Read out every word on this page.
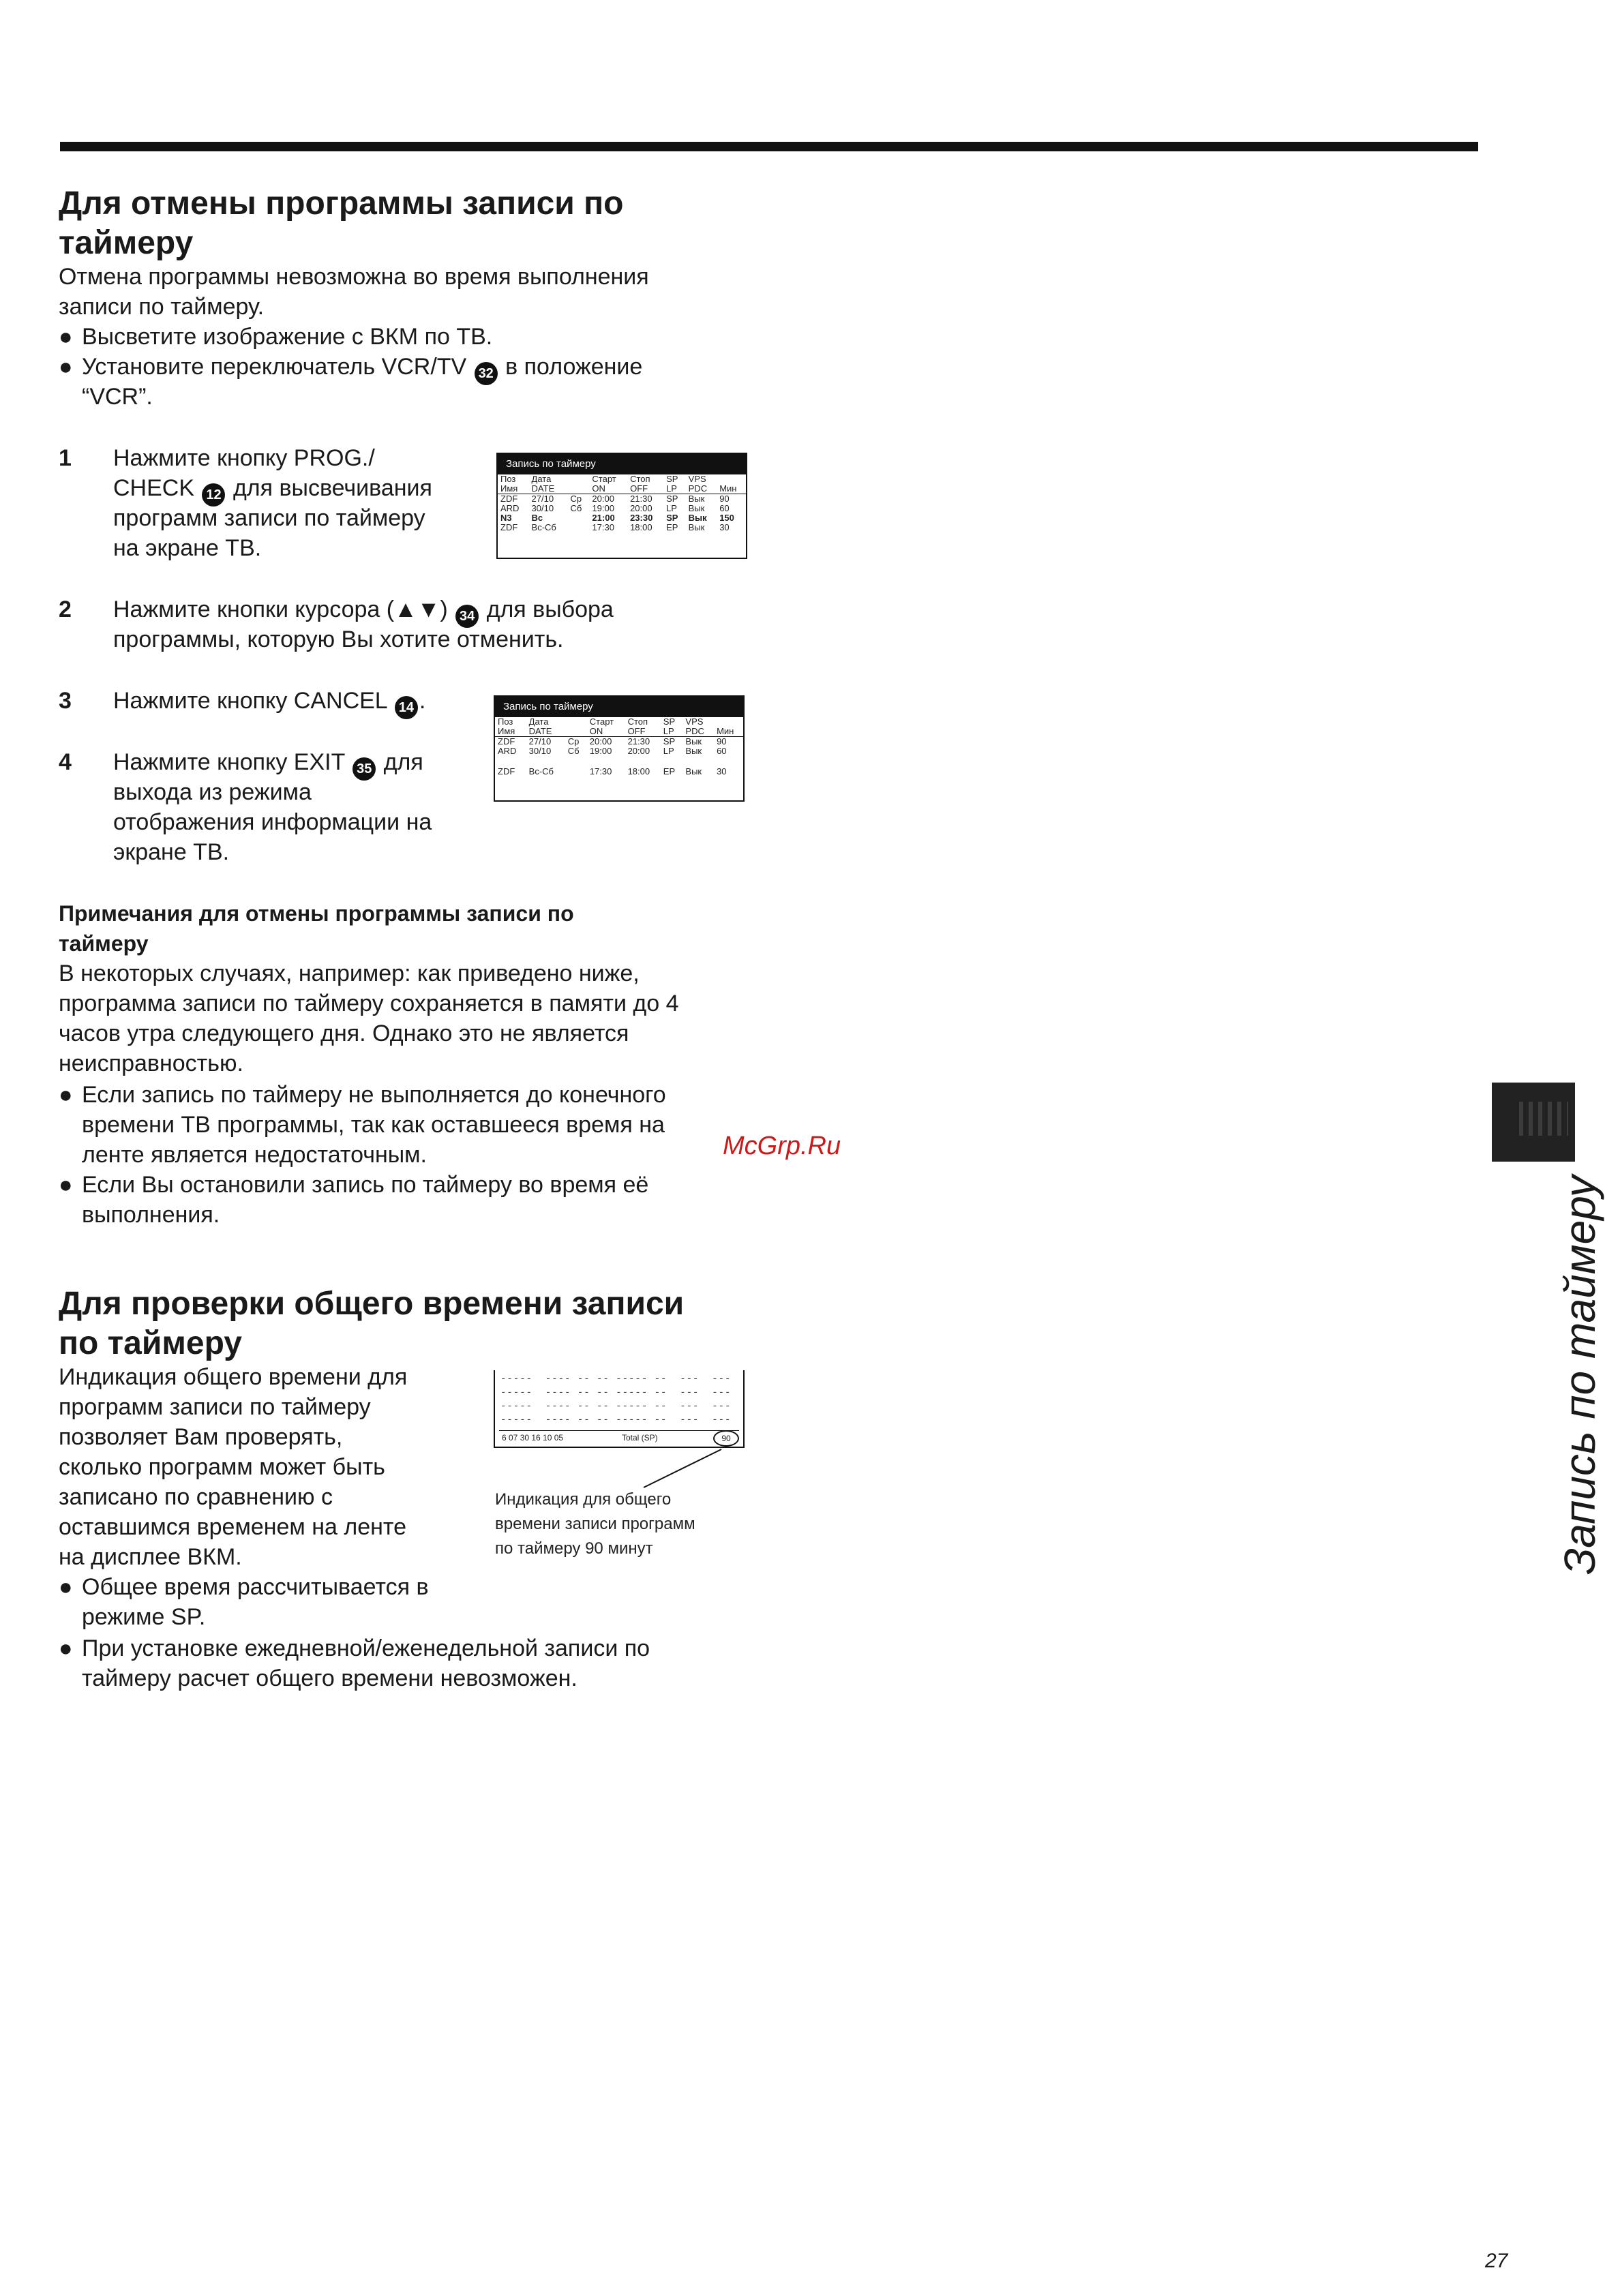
Для отмены программы записи по
таймеру

Отмена программы невозможна во время выполнения

записи по таймеру.

● Высветите изображение с ВКМ по ТВ.
● Установите переключатель VCR/TV 32 в положение
“VCR”.
1 Нажмите кнопку PROG./
CHECK 12 для высвечивания
программ записи по таймеру
на экране ТВ.
Запись по таймеру
Поз	Дата		Старт	Стоп	SP	VPS	
Имя	DATE		ON	OFF	LP	PDC	Мин
ZDF	27/10	Ср	20:00	21:30	SP	Вык	90
ARD	30/10	Сб	19:00	20:00	LP	Вык	60
N3	Вс		21:00	23:30	SP	Вык	150
ZDF	Вс-Сб		17:30	18:00	EP	Вык	30
2 Нажмите кнопки курсора (▲▼) 34 для выбора
программы, которую Вы хотите отменить.
3 Нажмите кнопку CANCEL 14 .	Запись по таймеру
Поз	Дата		Старт	Стоп	SP	VPS	
Имя	DATE		ON	OFF	LP	PDC	Мин
ZDF	27/10	Ср	20:00	21:30	SP	Вык	90
ARD	30/10	Сб	19:00	20:00	LP	Вык	60

ZDF	Вс-Сб		17:30	18:00	EP	Вык	30
4 Нажмите кнопку EXIT 35 для
выхода из режима
отображения информации на
экране ТВ.
Примечания для отмены программы записи по
таймеру

В некоторых случаях, например: как приведено ниже,

программа записи по таймеру сохраняется в памяти до 4

часов утра следующего дня. Однако это не является

неисправностью.

● Если запись по таймеру не выполняется до конечного
времени ТВ программы, так как оставшееся время на
ленте является недостаточным.
● Если Вы остановили запись по таймеру во время её
выполнения.
Для проверки общего времени записи
по таймеру

Индикация общего времени для

программ записи по таймеру

позволяет Вам проверять,

сколько программ может быть

записано по сравнению с

оставшимся временем на ленте

на дисплее ВКМ.

● Общее время рассчитывается в
режиме SP.
● При установке ежедневной/еженедельной записи по
таймеру расчет общего времени невозможен.
-----  ---- -- -- ----- --  ---  ---
-----  ---- -- -- ----- --  ---  ---
-----  ---- -- -- ----- --  ---  ---
-----  ---- -- -- ----- --  ---  ---
6 07 30 16 10 05	Total (SP)	90
Индикация для общего
времени записи программ
по таймеру 90 минут	Запись по таймеру
McGrp.Ru
27
